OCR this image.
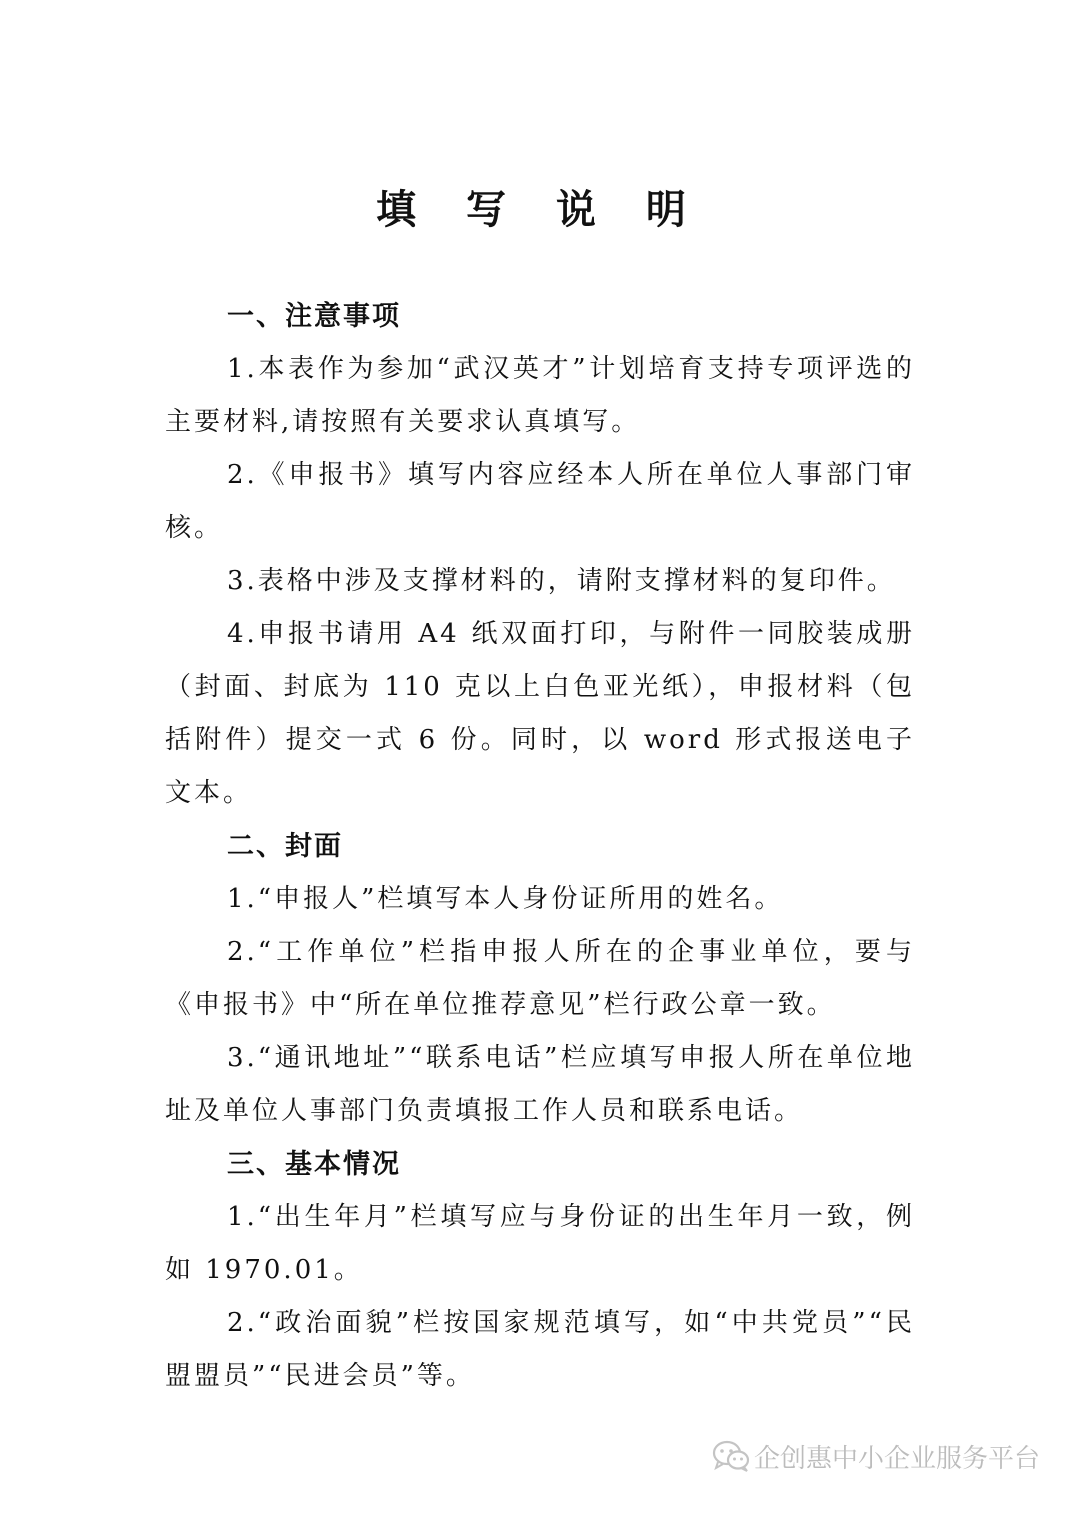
填 写 说 明
一、注意事项

1.本表作为参加“武汉英才”计划培育支持专项评选的主要材料,请按照有关要求认真填写。

2.《申报书》填写内容应经本人所在单位人事部门审核。

3.表格中涉及支撑材料的，请附支撑材料的复印件。

4.申报书请用 A4 纸双面打印，与附件一同胶装成册（封面、封底为 110 克以上白色亚光纸），申报材料（包括附件）提交一式 6 份。同时，以 word 形式报送电子文本。

二、封面

1.“申报人”栏填写本人身份证所用的姓名。

2.“工作单位”栏指申报人所在的企事业单位，要与《申报书》中“所在单位推荐意见”栏行政公章一致。

3.“通讯地址”“联系电话”栏应填写申报人所在单位地址及单位人事部门负责填报工作人员和联系电话。

三、基本情况

1.“出生年月”栏填写应与身份证的出生年月一致，例如 1970.01。

2.“政治面貌”栏按国家规范填写，如“中共党员”“民盟盟员”“民进会员”等。

企创惠中小企业服务平台
